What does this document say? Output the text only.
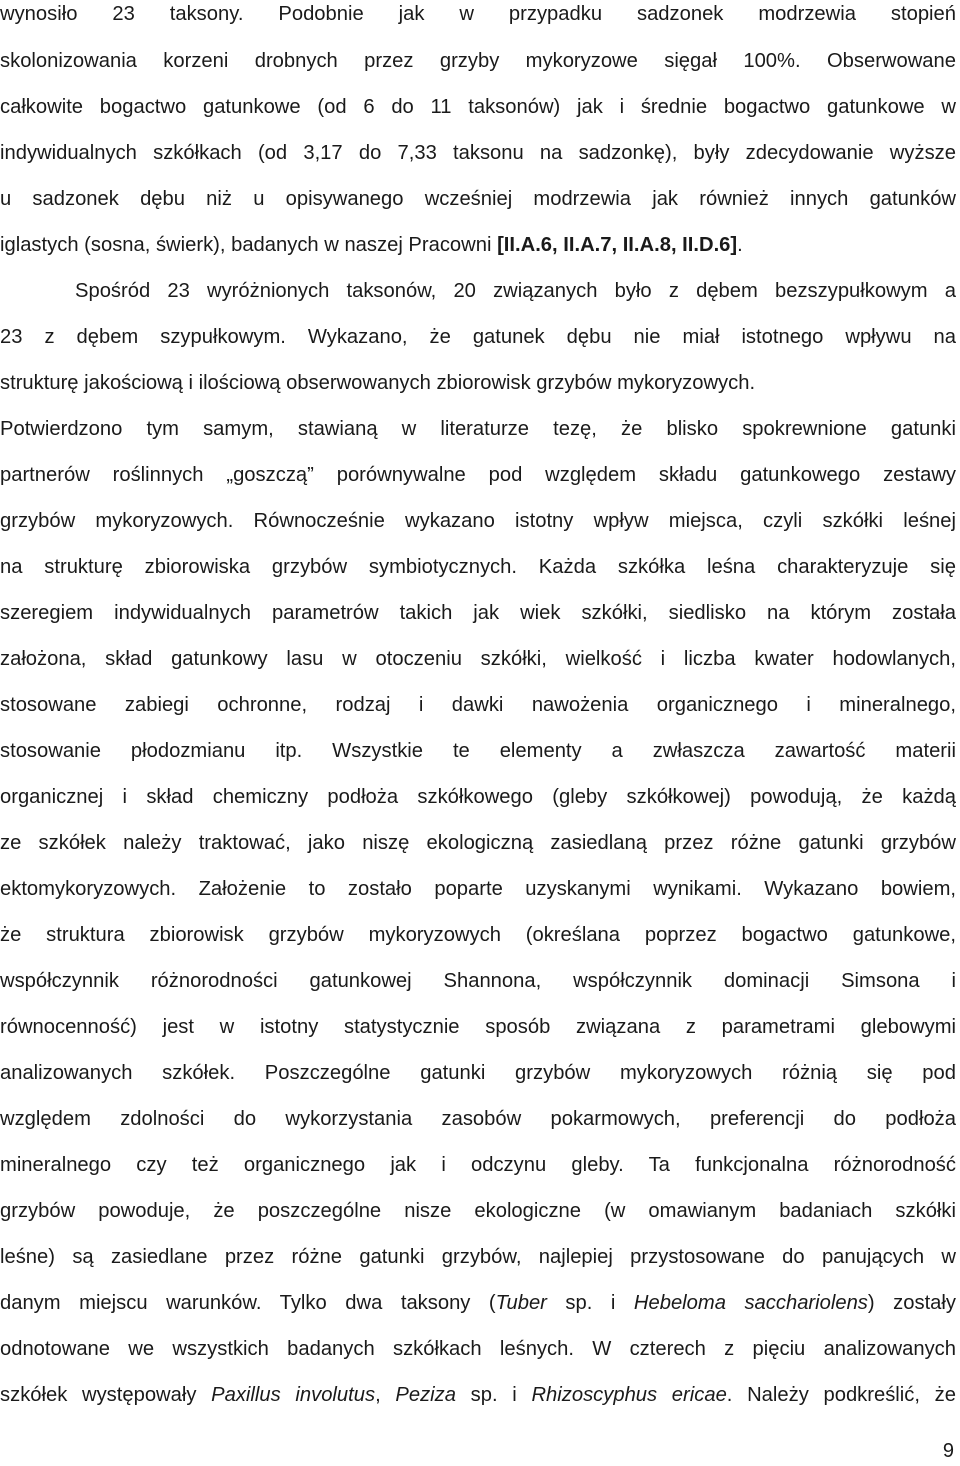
wynosiło 23 taksony. Podobnie jak w przypadku sadzonek modrzewia stopień
skolonizowania korzeni drobnych przez grzyby mykoryzowe sięgał 100%. Obserwowane
całkowite bogactwo gatunkowe (od 6 do 11 taksonów) jak i średnie bogactwo gatunkowe w
indywidualnych szkółkach (od 3,17 do 7,33 taksonu na sadzonkę), były zdecydowanie wyższe
u sadzonek dębu niż u opisywanego wcześniej modrzewia jak również innych gatunków
iglastych (sosna, świerk), badanych w naszej Pracowni [II.A.6, II.A.7, II.A.8, II.D.6].
Spośród 23 wyróżnionych taksonów, 20 związanych było z dębem bezszypułkowym a
23 z dębem szypułkowym. Wykazano, że gatunek dębu nie miał istotnego wpływu na
strukturę jakościową i ilościową obserwowanych zbiorowisk grzybów mykoryzowych.
Potwierdzono tym samym, stawianą w literaturze tezę, że blisko spokrewnione gatunki
partnerów roślinnych „goszczą” porównywalne pod względem składu gatunkowego zestawy
grzybów mykoryzowych. Równocześnie wykazano istotny wpływ miejsca, czyli szkółki leśnej
na strukturę zbiorowiska grzybów symbiotycznych. Każda szkółka leśna charakteryzuje się
szeregiem indywidualnych parametrów takich jak wiek szkółki, siedlisko na którym została
założona, skład gatunkowy lasu w otoczeniu szkółki, wielkość i liczba kwater hodowlanych,
stosowane zabiegi ochronne, rodzaj i dawki nawożenia organicznego i mineralnego,
stosowanie płodozmianu itp. Wszystkie te elementy a zwłaszcza zawartość materii
organicznej i skład chemiczny podłoża szkółkowego (gleby szkółkowej) powodują, że każdą
ze szkółek należy traktować, jako niszę ekologiczną zasiedlaną przez różne gatunki grzybów
ektomykoryzowych. Założenie to zostało poparte uzyskanymi wynikami. Wykazano bowiem,
że struktura zbiorowisk grzybów mykoryzowych (określana poprzez bogactwo gatunkowe,
współczynnik różnorodności gatunkowej Shannona, współczynnik dominacji Simsona i
równocenność) jest w istotny statystycznie sposób związana z parametrami glebowymi
analizowanych szkółek. Poszczególne gatunki grzybów mykoryzowych różnią się pod
względem zdolności do wykorzystania zasobów pokarmowych, preferencji do podłoża
mineralnego czy też organicznego jak i odczynu gleby. Ta funkcjonalna różnorodność
grzybów powoduje, że poszczególne nisze ekologiczne (w omawianym badaniach szkółki
leśne) są zasiedlane przez różne gatunki grzybów, najlepiej przystosowane do panujących w
danym miejscu warunków. Tylko dwa taksony (Tuber sp. i Hebeloma sacchariolens) zostały
odnotowane we wszystkich badanych szkółkach leśnych. W czterech z pięciu analizowanych
szkółek występowały Paxillus involutus, Peziza sp. i Rhizoscyphus ericae. Należy podkreślić, że
9
